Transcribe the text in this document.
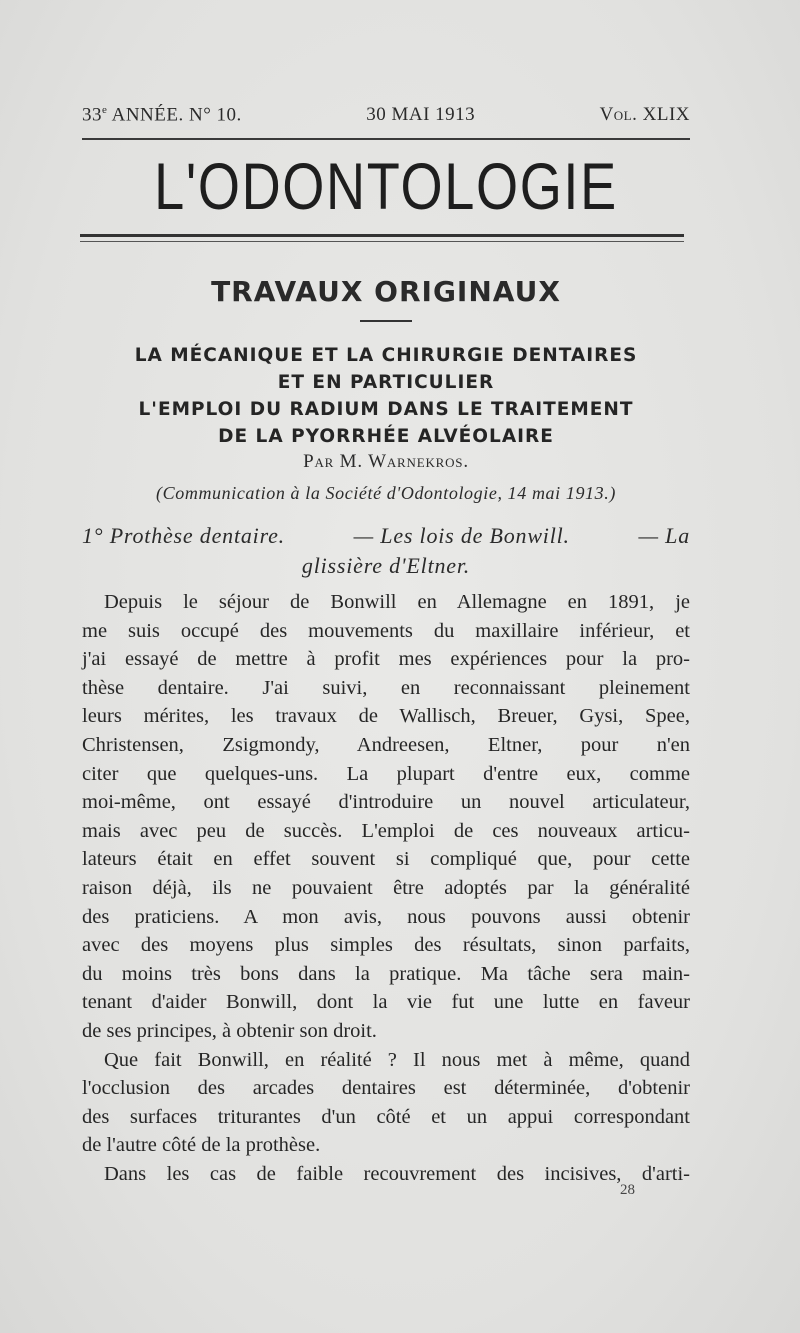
33e ANNÉE. N° 10.	30 MAI 1913	Vol. XLIX
L'ODONTOLOGIE
TRAVAUX ORIGINAUX
LA MÉCANIQUE ET LA CHIRURGIE DENTAIRES
ET EN PARTICULIER
L'EMPLOI DU RADIUM DANS LE TRAITEMENT
DE LA PYORRHÉE ALVÉOLAIRE
Par M. Warnekros.
(Communication à la Société d'Odontologie, 14 mai 1913.)
1° Prothèse dentaire.	— Les lois de Bonwill.	— La
glissière d'Eltner.
Depuis le séjour de Bonwill en Allemagne en 1891, je
me suis occupé des mouvements du maxillaire inférieur, et
j'ai essayé de mettre à profit mes expériences pour la pro-
thèse dentaire. J'ai suivi, en reconnaissant pleinement
leurs mérites, les travaux de Wallisch, Breuer, Gysi, Spee,
Christensen, Zsigmondy, Andreesen, Eltner, pour n'en
citer que quelques-uns. La plupart d'entre eux, comme
moi-même, ont essayé d'introduire un nouvel articulateur,
mais avec peu de succès. L'emploi de ces nouveaux articu-
lateurs était en effet souvent si compliqué que, pour cette
raison déjà, ils ne pouvaient être adoptés par la généralité
des praticiens. A mon avis, nous pouvons aussi obtenir
avec des moyens plus simples des résultats, sinon parfaits,
du moins très bons dans la pratique. Ma tâche sera main-
tenant d'aider Bonwill, dont la vie fut une lutte en faveur
de ses principes, à obtenir son droit.
Que fait Bonwill, en réalité ? Il nous met à même, quand
l'occlusion des arcades dentaires est déterminée, d'obtenir
des surfaces triturantes d'un côté et un appui correspondant
de l'autre côté de la prothèse.
Dans les cas de faible recouvrement des incisives, d'arti-
28
